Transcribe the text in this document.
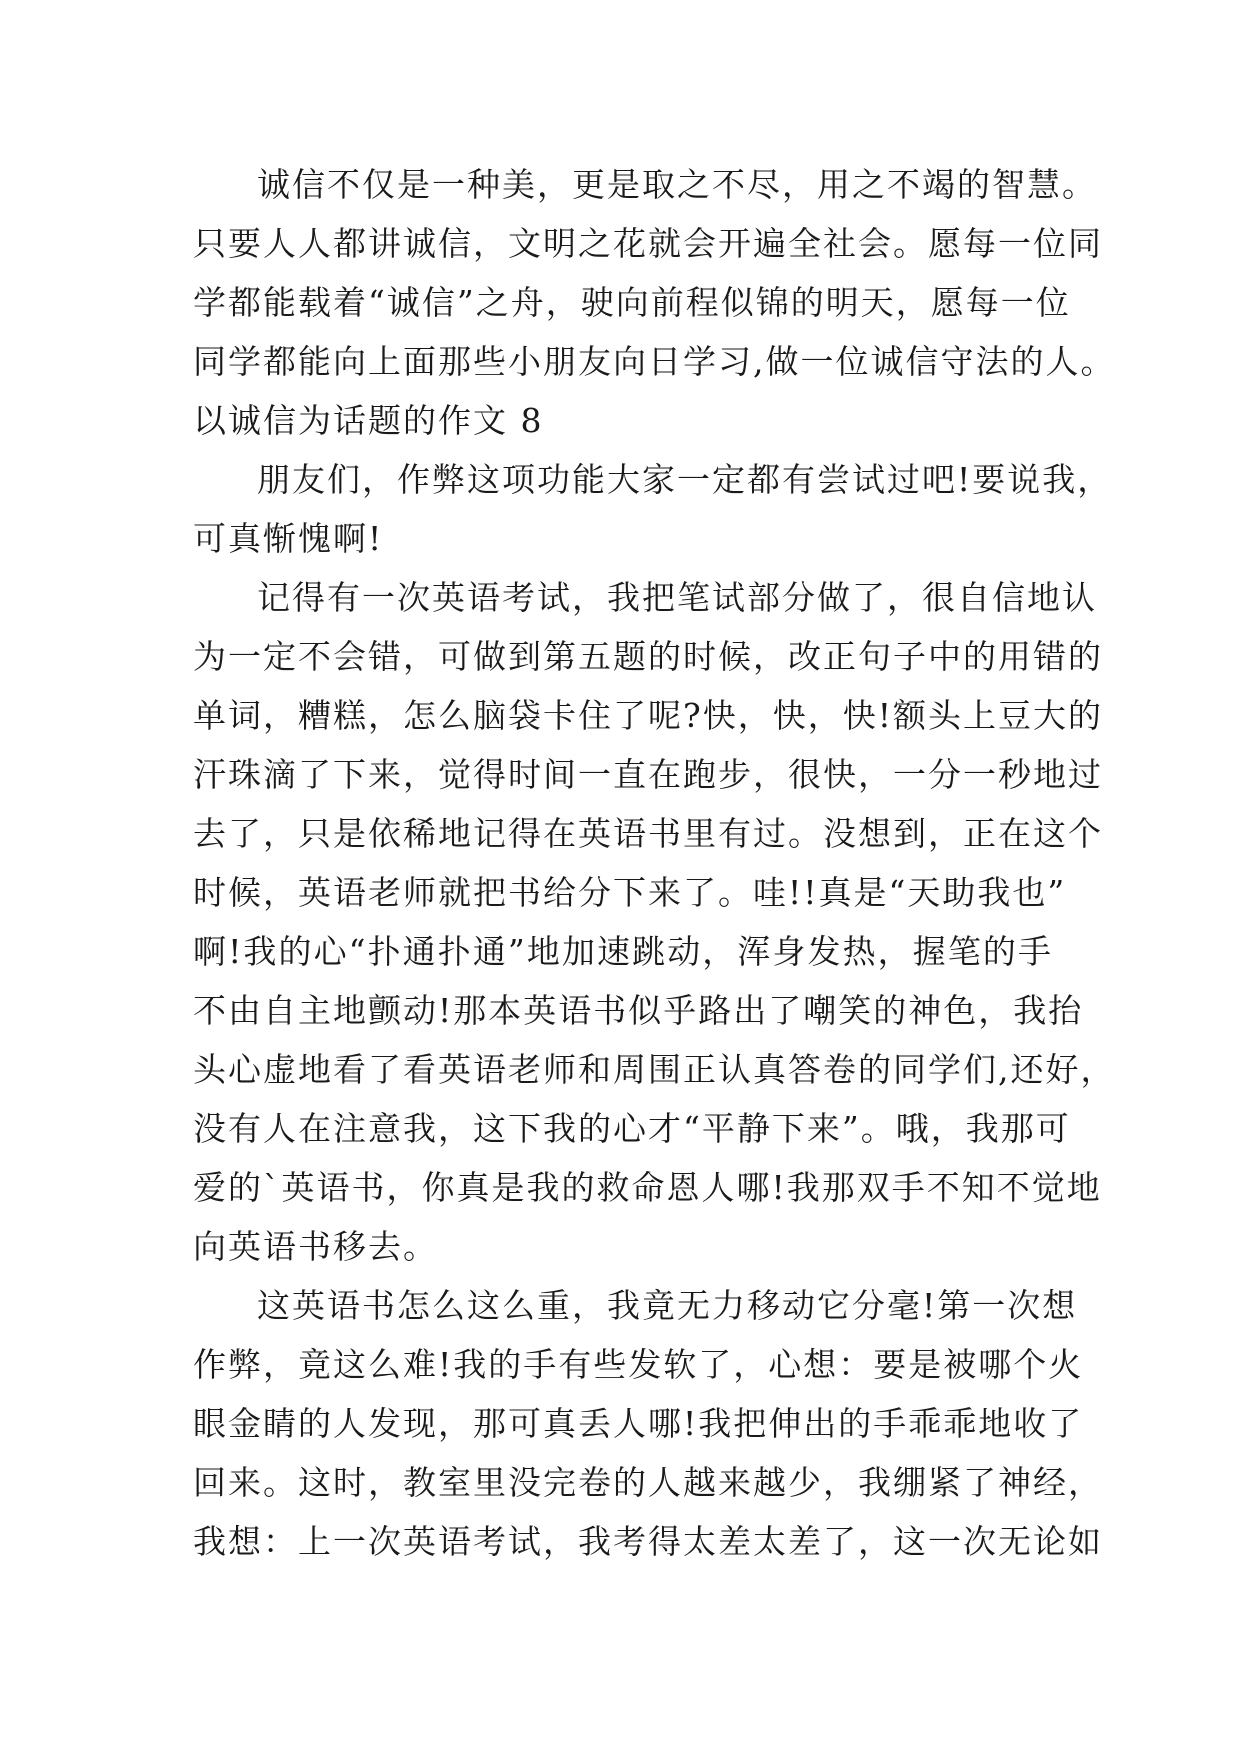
诚信不仅是一种美，更是取之不尽，用之不竭的智慧。
只要人人都讲诚信，文明之花就会开遍全社会。愿每一位同
学都能载着“诚信”之舟，驶向前程似锦的明天，愿每一位
同学都能向上面那些小朋友向日学习,做一位诚信守法的人。
以诚信为话题的作文 8
朋友们，作弊这项功能大家一定都有尝试过吧!要说我，
可真惭愧啊!
记得有一次英语考试，我把笔试部分做了，很自信地认
为一定不会错，可做到第五题的时候，改正句子中的用错的
单词，糟糕，怎么脑袋卡住了呢?快，快，快!额头上豆大的
汗珠滴了下来，觉得时间一直在跑步，很快，一分一秒地过
去了，只是依稀地记得在英语书里有过。没想到，正在这个
时候，英语老师就把书给分下来了。哇!!真是“天助我也”
啊!我的心“扑通扑通”地加速跳动，浑身发热，握笔的手
不由自主地颤动!那本英语书似乎路出了嘲笑的神色，我抬
头心虚地看了看英语老师和周围正认真答卷的同学们,还好，
没有人在注意我，这下我的心才“平静下来”。哦，我那可
爱的`英语书，你真是我的救命恩人哪!我那双手不知不觉地
向英语书移去。
这英语书怎么这么重，我竟无力移动它分毫!第一次想
作弊，竟这么难!我的手有些发软了，心想：要是被哪个火
眼金睛的人发现，那可真丢人哪!我把伸出的手乖乖地收了
回来。这时，教室里没完卷的人越来越少，我绷紧了神经，
我想：上一次英语考试，我考得太差太差了，这一次无论如
